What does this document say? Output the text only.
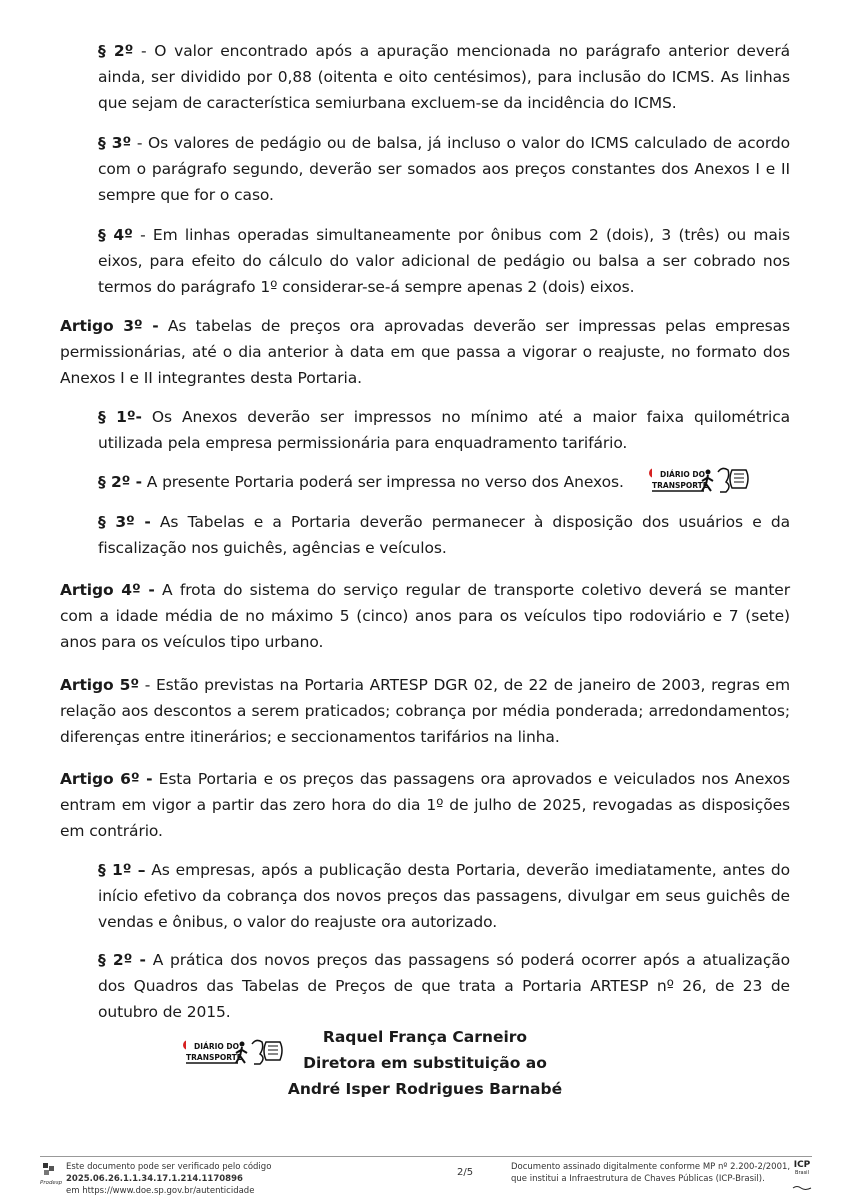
§ 2º - O valor encontrado após a apuração mencionada no parágrafo anterior deverá ainda, ser dividido por 0,88 (oitenta e oito centésimos), para inclusão do ICMS. As linhas que sejam de característica semiurbana excluem-se da incidência do ICMS.

§ 3º - Os valores de pedágio ou de balsa, já incluso o valor do ICMS calculado de acordo com o parágrafo segundo, deverão ser somados aos preços constantes dos Anexos I e II sempre que for o caso.

§ 4º - Em linhas operadas simultaneamente por ônibus com 2 (dois), 3 (três) ou mais eixos, para efeito do cálculo do valor adicional de pedágio ou balsa a ser cobrado nos termos do parágrafo 1º considerar-se-á sempre apenas 2 (dois) eixos.

Artigo 3º - As tabelas de preços ora aprovadas deverão ser impressas pelas empresas permissionárias, até o dia anterior à data em que passa a vigorar o reajuste, no formato dos Anexos I e II integrantes desta Portaria.

§ 1º- Os Anexos deverão ser impressos no mínimo até a maior faixa quilométrica utilizada pela empresa permissionária para enquadramento tarifário.

§ 2º - A presente Portaria poderá ser impressa no verso dos Anexos.	DIÁRIO DO
TRANSPORTE

§ 3º - As Tabelas e a Portaria deverão permanecer à disposição dos usuários e da fiscalização nos guichês, agências e veículos.

Artigo 4º - A frota do sistema do serviço regular de transporte coletivo deverá se manter com a idade média de no máximo 5 (cinco) anos para os veículos tipo rodoviário e 7 (sete) anos para os veículos tipo urbano.

Artigo 5º - Estão previstas na Portaria ARTESP DGR 02, de 22 de janeiro de 2003, regras em relação aos descontos a serem praticados; cobrança por média ponderada; arredondamentos; diferenças entre itinerários; e seccionamentos tarifários na linha.

Artigo 6º - Esta Portaria e os preços das passagens ora aprovados e veiculados nos Anexos entram em vigor a partir das zero hora do dia 1º de julho de 2025, revogadas as disposições em contrário.

§ 1º – As empresas, após a publicação desta Portaria, deverão imediatamente, antes do início efetivo da cobrança dos novos preços das passagens, divulgar em seus guichês de vendas e ônibus, o valor do reajuste ora autorizado.

§ 2º - A prática dos novos preços das passagens só poderá ocorrer após a atualização dos Quadros das Tabelas de Preços de que trata a Portaria ARTESP nº 26, de 23 de outubro de 2015.

Raquel França Carneiro
Diretora em substituição ao
André Isper Rodrigues Barnabé
DIÁRIO DO
TRANSPORTE
Prodesp
Este documento pode ser verificado pelo código 2025.06.26.1.1.34.17.1.214.1170896
em https://www.doe.sp.gov.br/autenticidade
2/5	Documento assinado digitalmente conforme MP nº 2.200-2/2001,
que institui a Infraestrutura de Chaves Públicas (ICP-Brasil).
ICP
Brasil
